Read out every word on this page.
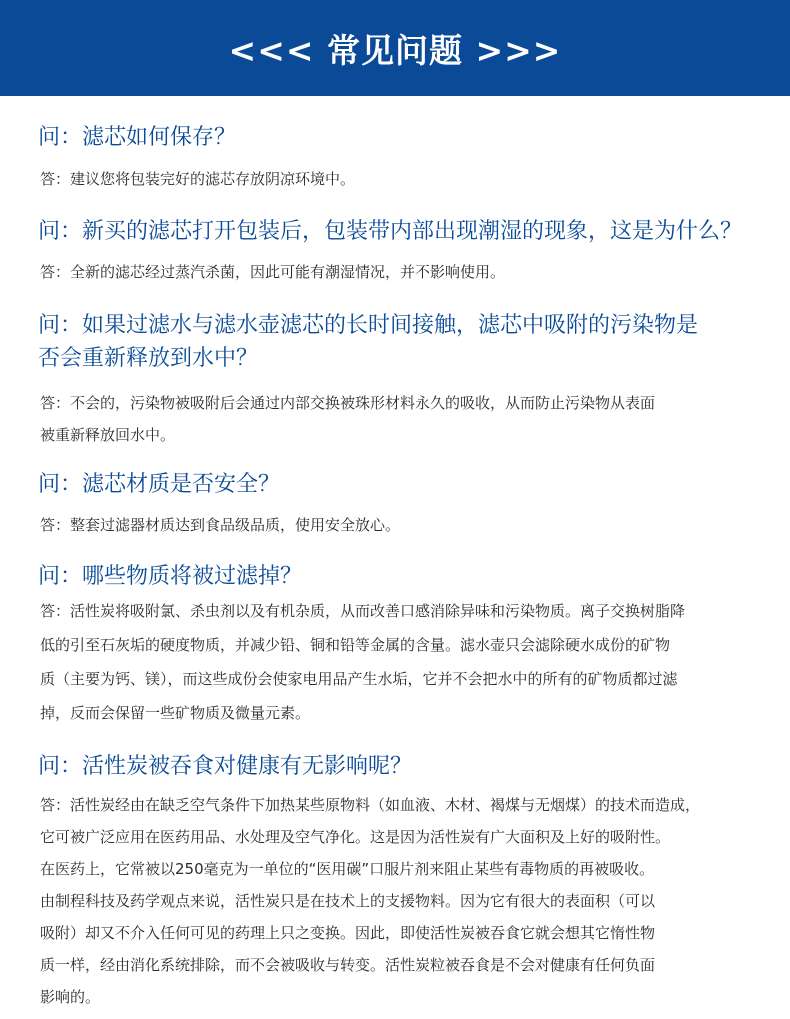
<<< 常见问题 >>>
问：滤芯如何保存？
答：建议您将包装完好的滤芯存放阴凉环境中。
问：新买的滤芯打开包装后，包装带内部出现潮湿的现象，这是为什么？
答：全新的滤芯经过蒸汽杀菌，因此可能有潮湿情况，并不影响使用。
问：如果过滤水与滤水壶滤芯的长时间接触，滤芯中吸附的污染物是
否会重新释放到水中？
答：不会的，污染物被吸附后会通过内部交换被珠形材料永久的吸收，从而防止污染物从表面
被重新释放回水中。
问：滤芯材质是否安全？
答：整套过滤器材质达到食品级品质，使用安全放心。
问：哪些物质将被过滤掉？
答：活性炭将吸附氯、杀虫剂以及有机杂质，从而改善口感消除异味和污染物质。离子交换树脂降
低的引至石灰垢的硬度物质，并减少铅、铜和铅等金属的含量。滤水壶只会滤除硬水成份的矿物
质（主要为钙、镁），而这些成份会使家电用品产生水垢，它并不会把水中的所有的矿物质都过滤
掉，反而会保留一些矿物质及微量元素。
问：活性炭被吞食对健康有无影响呢？
答：活性炭经由在缺乏空气条件下加热某些原物料（如血液、木材、褐煤与无烟煤）的技术而造成，
它可被广泛应用在医药用品、水处理及空气净化。这是因为活性炭有广大面积及上好的吸附性。
在医药上，它常被以250毫克为一单位的“医用碳”口服片剂来阻止某些有毒物质的再被吸收。
由制程科技及药学观点来说，活性炭只是在技术上的支援物料。因为它有很大的表面积（可以
吸附）却又不介入任何可见的药理上只之变换。因此，即使活性炭被吞食它就会想其它惰性物
质一样，经由消化系统排除，而不会被吸收与转变。活性炭粒被吞食是不会对健康有任何负面
影响的。
